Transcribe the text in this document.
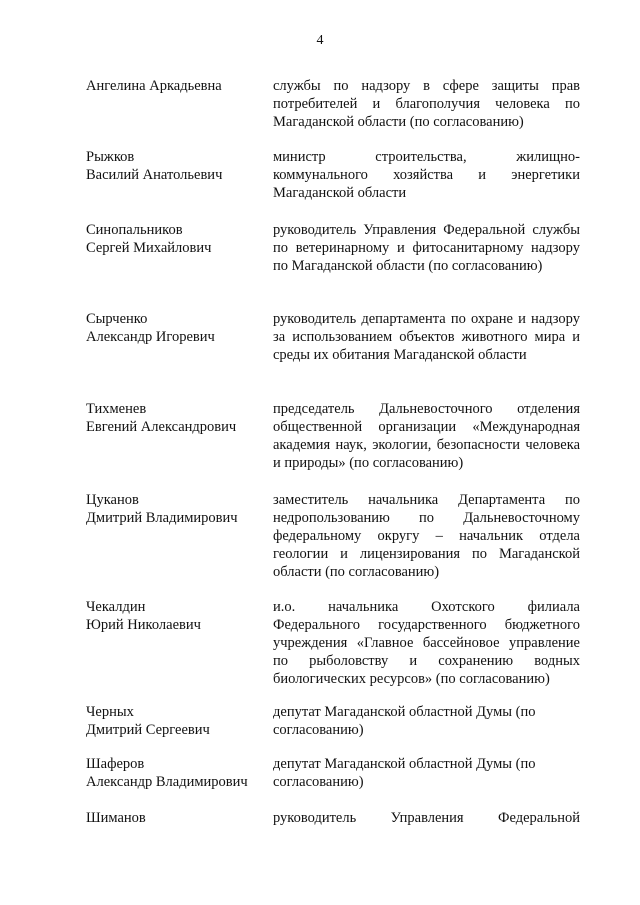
4
Ангелина Аркадьевна	службы по надзору в сфере защиты прав потребителей и благополучия человека по Магаданской области (по согласованию)
Рыжков
Василий Анатольевич
министр строительства, жилищно-коммунального хозяйства и энергетики Магаданской области
Синопальников
Сергей Михайлович
руководитель Управления Федеральной службы по ветеринарному и фитосанитарному надзору по Магаданской области (по согласованию)
Сырченко
Александр Игоревич
руководитель департамента по охране и надзору за использованием объектов животного мира и среды их обитания Магаданской области
Тихменев
Евгений Александрович
председатель Дальневосточного отделения общественной организации «Международная академия наук, экологии, безопасности человека и природы» (по согласованию)
Цуканов
Дмитрий Владимирович
заместитель начальника Департамента по недропользованию по Дальневосточному федеральному округу – начальник отдела геологии и лицензирования по Магаданской области (по согласованию)
Чекалдин
Юрий Николаевич
и.о. начальника Охотского филиала Федерального государственного бюджетного учреждения «Главное бассейновое управление по рыболовству и сохранению водных биологических ресурсов» (по согласованию)
Черных
Дмитрий Сергеевич
депутат Магаданской областной Думы (по согласованию)
Шаферов
Александр Владимирович
депутат Магаданской областной Думы (по согласованию)
Шиманов	руководитель Управления Федеральной
